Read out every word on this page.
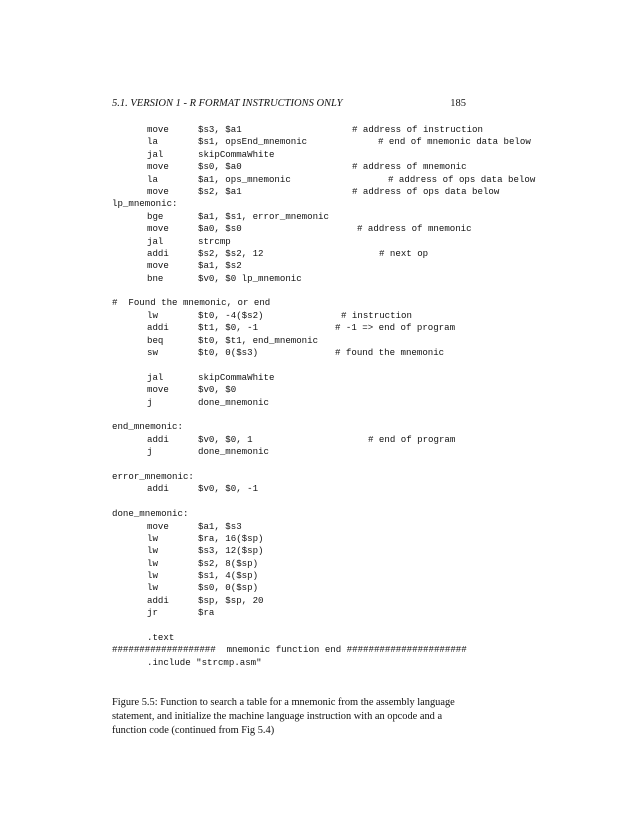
5.1. VERSION 1 - R FORMAT INSTRUCTIONS ONLY	185
move	$s3, $a1	# address of instruction
la	$s1, opsEnd_mnemonic	# end of mnemonic data below
jal	skipCommaWhite
move	$s0, $a0	# address of mnemonic
la	$a1, ops_mnemonic	# address of ops data below
move	$s2, $a1	# address of ops data below
lp_mnemonic:
bge	$a1, $s1, error_mnemonic
move	$a0, $s0	# address of mnemonic
jal	strcmp
addi	$s2, $s2, 12	# next op
move	$a1, $s2
bne	$v0, $0 lp_mnemonic
#  Found the mnemonic, or end
lw	$t0, -4($s2)	# instruction
addi	$t1, $0, -1	# -1 => end of program
beq	$t0, $t1, end_mnemonic
sw	$t0, 0($s3)	# found the mnemonic
jal	skipCommaWhite
move	$v0, $0
j	done_mnemonic
end_mnemonic:
addi	$v0, $0, 1	# end of program
j	done_mnemonic
error_mnemonic:
addi	$v0, $0, -1
done_mnemonic:
move	$a1, $s3
lw	$ra, 16($sp)
lw	$s3, 12($sp)
lw	$s2, 8($sp)
lw	$s1, 4($sp)
lw	$s0, 0($sp)
addi	$sp, $sp, 20
jr	$ra
.text
###################  mnemonic function end ######################
.include "strcmp.asm"
Figure 5.5: Function to search a table for a mnemonic from the assembly language statement, and initialize the machine language instruction with an opcode and a function code (continued from Fig 5.4)
